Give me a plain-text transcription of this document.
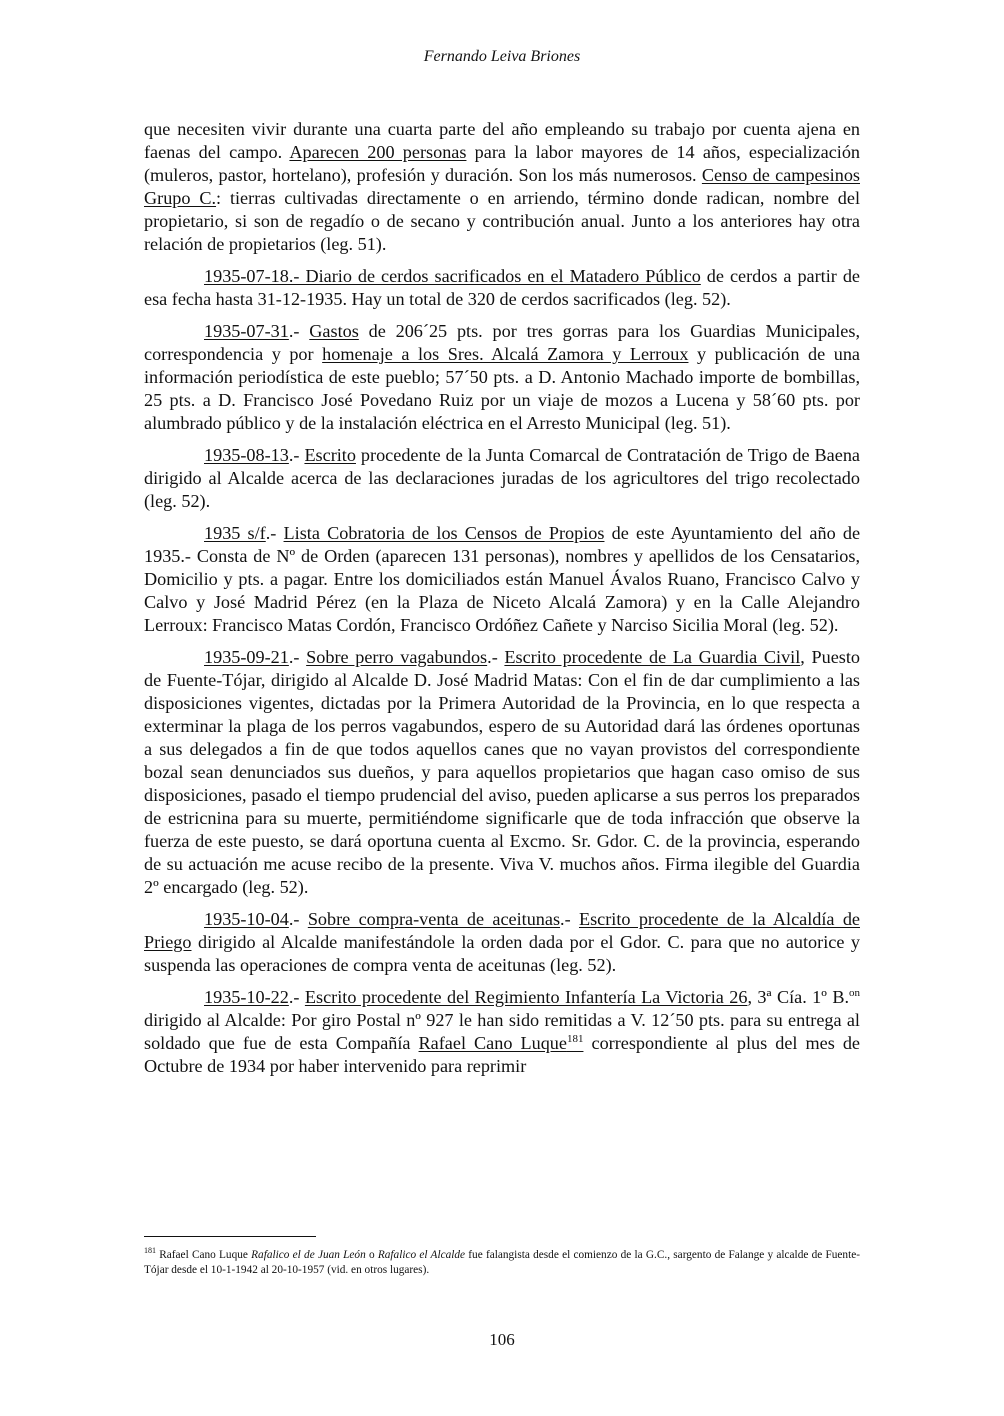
Fernando Leiva Briones

que necesiten vivir durante una cuarta parte del año empleando su trabajo por cuenta ajena en faenas del campo. Aparecen 200 personas para la labor mayores de 14 años, especialización (muleros, pastor, hortelano), profesión y duración. Son los más numerosos. Censo de campesinos Grupo C.: tierras cultivadas directamente o en arriendo, término donde radican, nombre del propietario, si son de regadío o de secano y contribución anual. Junto a los anteriores hay otra relación de propietarios (leg. 51).

1935-07-18.- Diario de cerdos sacrificados en el Matadero Público de cerdos a partir de esa fecha hasta 31-12-1935. Hay un total de 320 de cerdos sacrificados (leg. 52).

1935-07-31.- Gastos de 206´25 pts. por tres gorras para los Guardias Municipales, correspondencia y por homenaje a los Sres. Alcalá Zamora y Lerroux y publicación de una información periodística de este pueblo; 57´50 pts. a D. Antonio Machado importe de bombillas, 25 pts. a D. Francisco José Povedano Ruiz por un viaje de mozos a Lucena y 58´60 pts. por alumbrado público y de la instalación eléctrica en el Arresto Municipal (leg. 51).

1935-08-13.- Escrito procedente de la Junta Comarcal de Contratación de Trigo de Baena dirigido al Alcalde acerca de las declaraciones juradas de los agricultores del trigo recolectado (leg. 52).

1935 s/f.- Lista Cobratoria de los Censos de Propios de este Ayuntamiento del año de 1935.- Consta de Nº de Orden (aparecen 131 personas), nombres y apellidos de los Censatarios, Domicilio y pts. a pagar. Entre los domiciliados están Manuel Ávalos Ruano, Francisco Calvo y Calvo y José Madrid Pérez (en la Plaza de Niceto Alcalá Zamora) y en la Calle Alejandro Lerroux: Francisco Matas Cordón, Francisco Ordóñez Cañete y Narciso Sicilia Moral (leg. 52).

1935-09-21.- Sobre perro vagabundos.- Escrito procedente de La Guardia Civil, Puesto de Fuente-Tójar, dirigido al Alcalde D. José Madrid Matas: Con el fin de dar cumplimiento a las disposiciones vigentes, dictadas por la Primera Autoridad de la Provincia, en lo que respecta a exterminar la plaga de los perros vagabundos, espero de su Autoridad dará las órdenes oportunas a sus delegados a fin de que todos aquellos canes que no vayan provistos del correspondiente bozal sean denunciados sus dueños, y para aquellos propietarios que hagan caso omiso de sus disposiciones, pasado el tiempo prudencial del aviso, pueden aplicarse a sus perros los preparados de estricnina para su muerte, permitiéndome significarle que de toda infracción que observe la fuerza de este puesto, se dará oportuna cuenta al Excmo. Sr. Gdor. C. de la provincia, esperando de su actuación me acuse recibo de la presente. Viva V. muchos años. Firma ilegible del Guardia 2º encargado (leg. 52).

1935-10-04.- Sobre compra-venta de aceitunas.- Escrito procedente de la Alcaldía de Priego dirigido al Alcalde manifestándole la orden dada por el Gdor. C. para que no autorice y suspenda las operaciones de compra venta de aceitunas (leg. 52).

1935-10-22.- Escrito procedente del Regimiento Infantería La Victoria 26, 3ª Cía. 1º B.$^{on}$ dirigido al Alcalde: Por giro Postal nº 927 le han sido remitidas a V. 12´50 pts. para su entrega al soldado que fue de esta Compañía Rafael Cano Luque$^{181}$ correspondiente al plus del mes de Octubre de 1934 por haber intervenido para reprimir

$^{181}$ Rafael Cano Luque Rafalico el de Juan León o Rafalico el Alcalde fue falangista desde el comienzo de la G.C., sargento de Falange y alcalde de Fuente-Tójar desde el 10-1-1942 al 20-10-1957 (vid. en otros lugares).
106
